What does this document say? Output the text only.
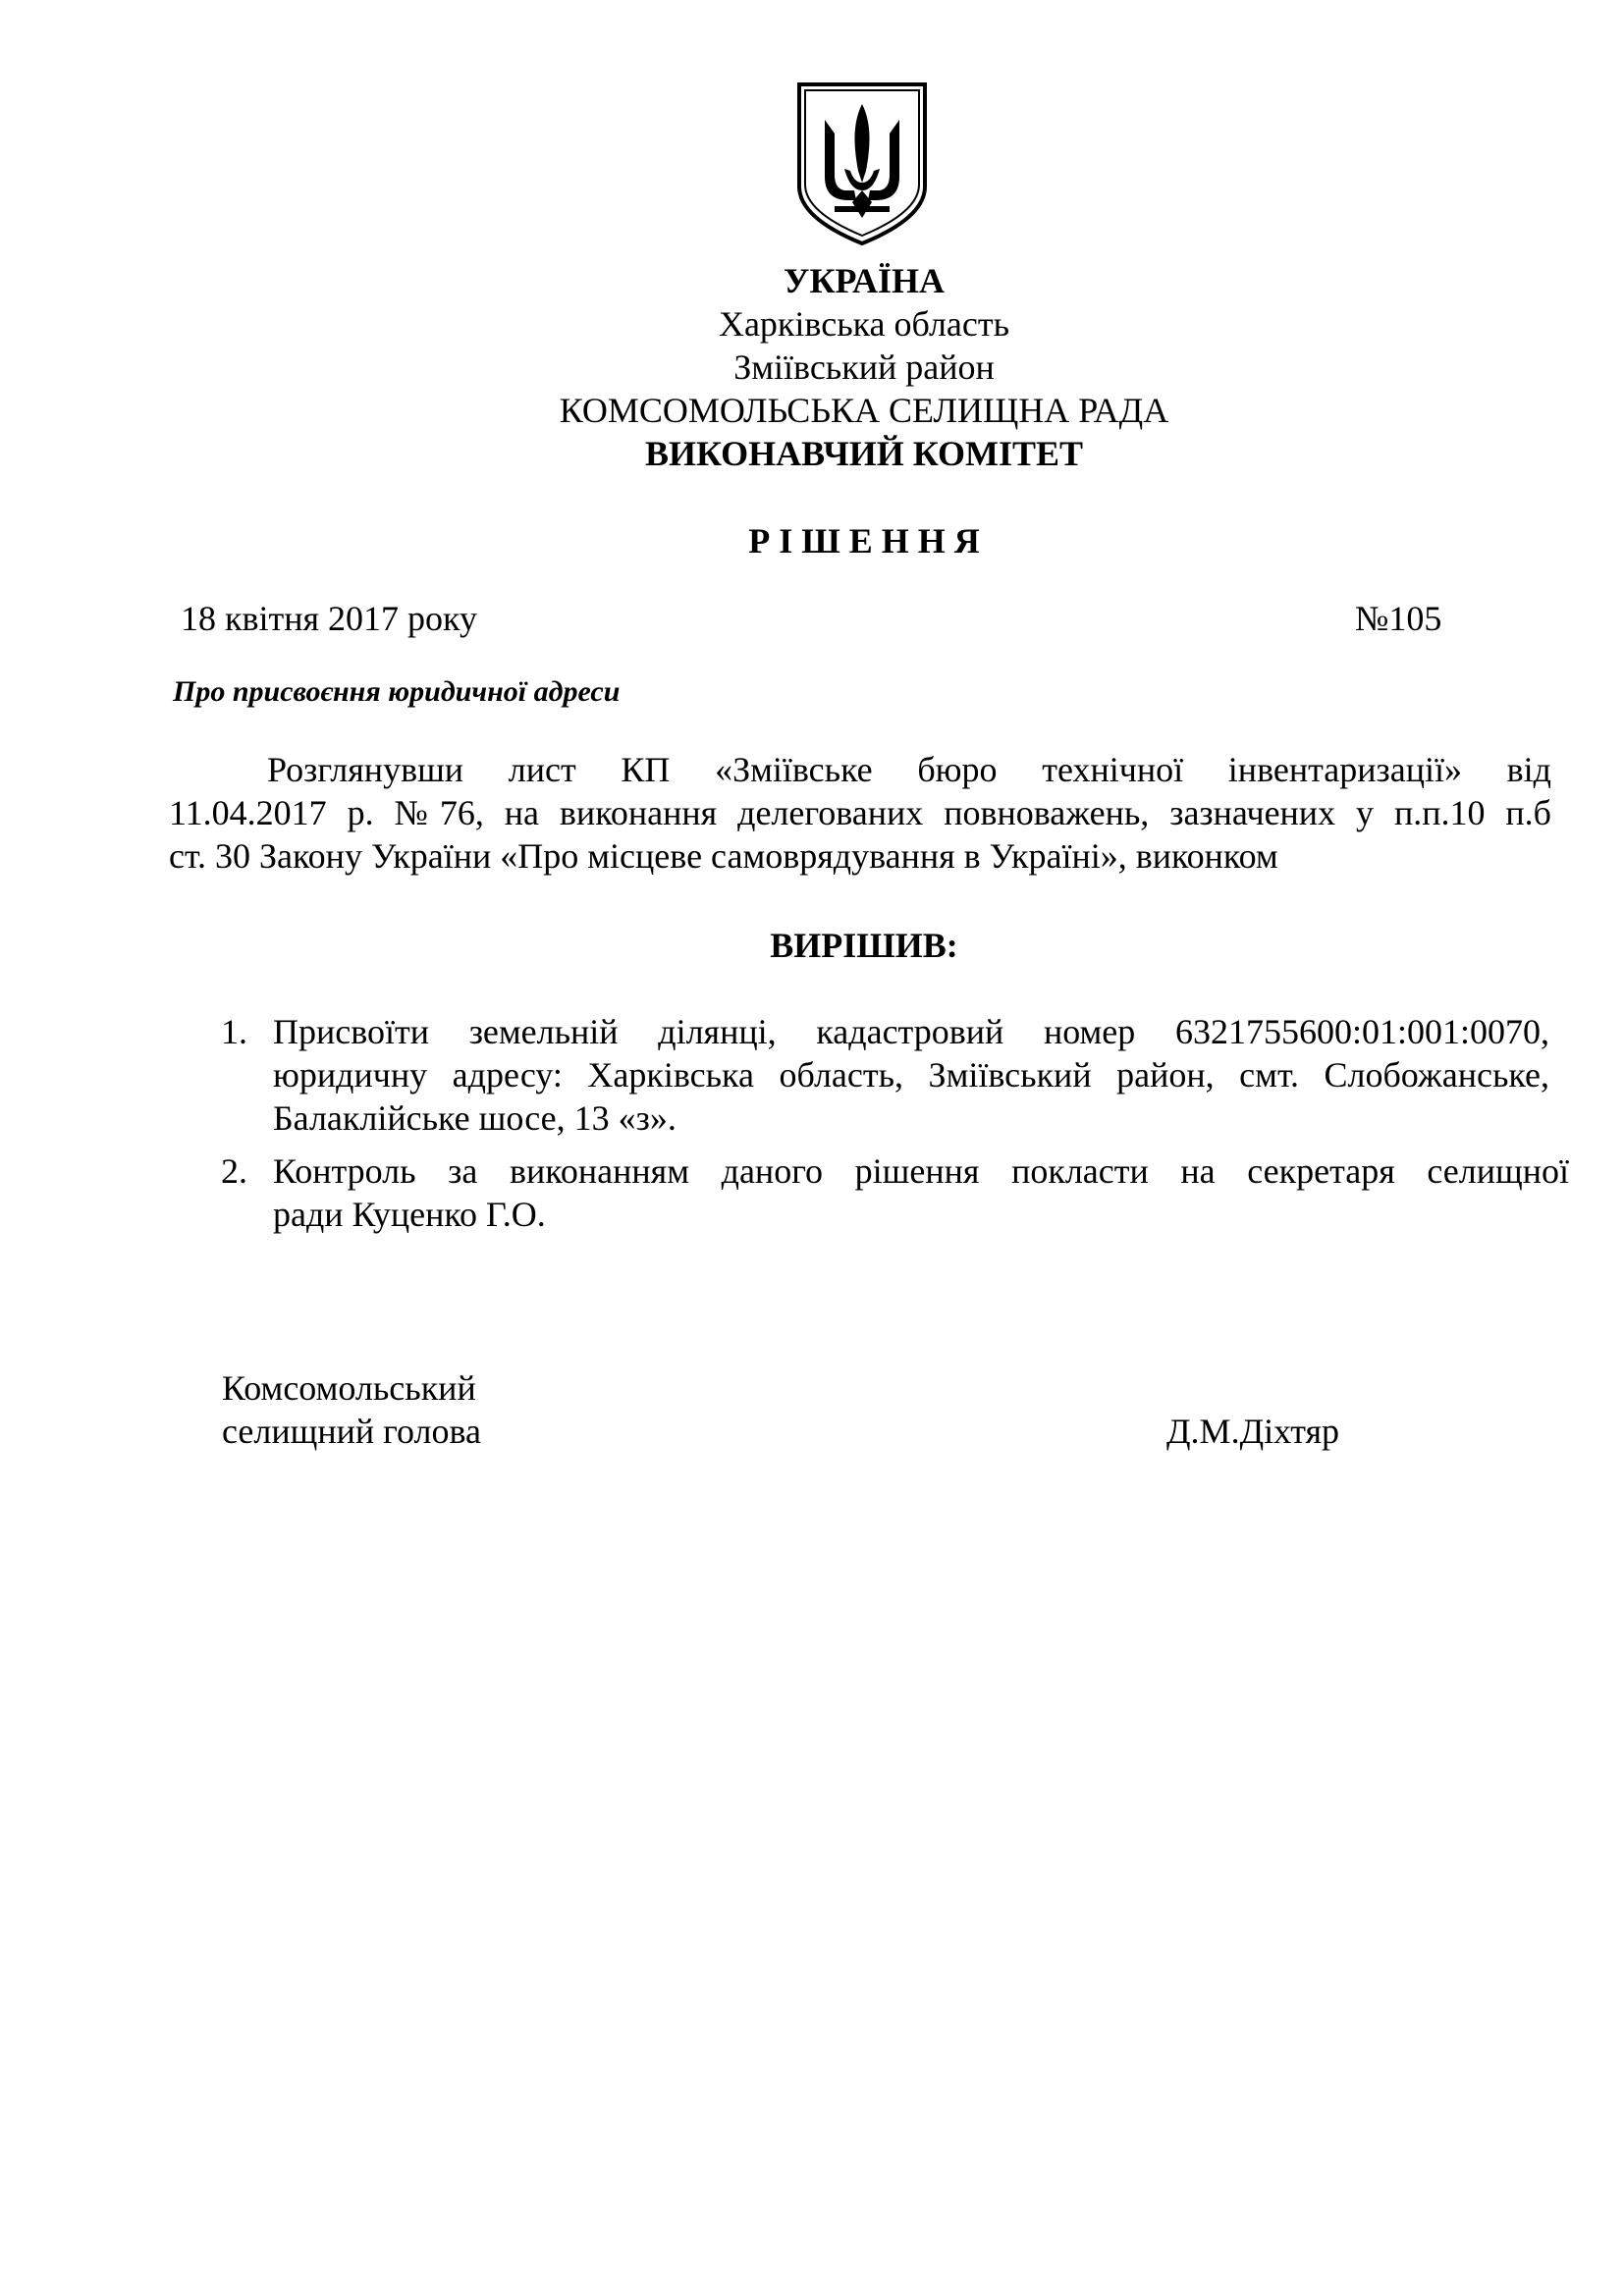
УКРАЇНА
Харківська область
Зміївський район
КОМСОМОЛЬСЬКА СЕЛИЩНА РАДА
ВИКОНАВЧИЙ КОМІТЕТ
Р І Ш Е Н Н Я
18 квітня 2017 року	№105
Про присвоєння юридичної адреси
Розглянувши лист КП «Зміївське бюро технічної інвентаризації» від
11.04.2017 р. №76, на виконання делегованих повноважень, зазначених у п.п.10 п.б
ст. 30 Закону України «Про місцеве самоврядування в Україні», виконком
ВИРІШИВ:
1. Присвоїти земельній ділянці, кадастровий номер 6321755600:01:001:0070,
юридичну адресу: Харківська область, Зміївський район, смт. Слобожанське,
Балаклійське шосе, 13 «з».
2. Контроль за виконанням даного рішення покласти на секретаря селищної
ради Куценко Г.О.
Комсомольський
селищний голова	Д.М.Діхтяр
